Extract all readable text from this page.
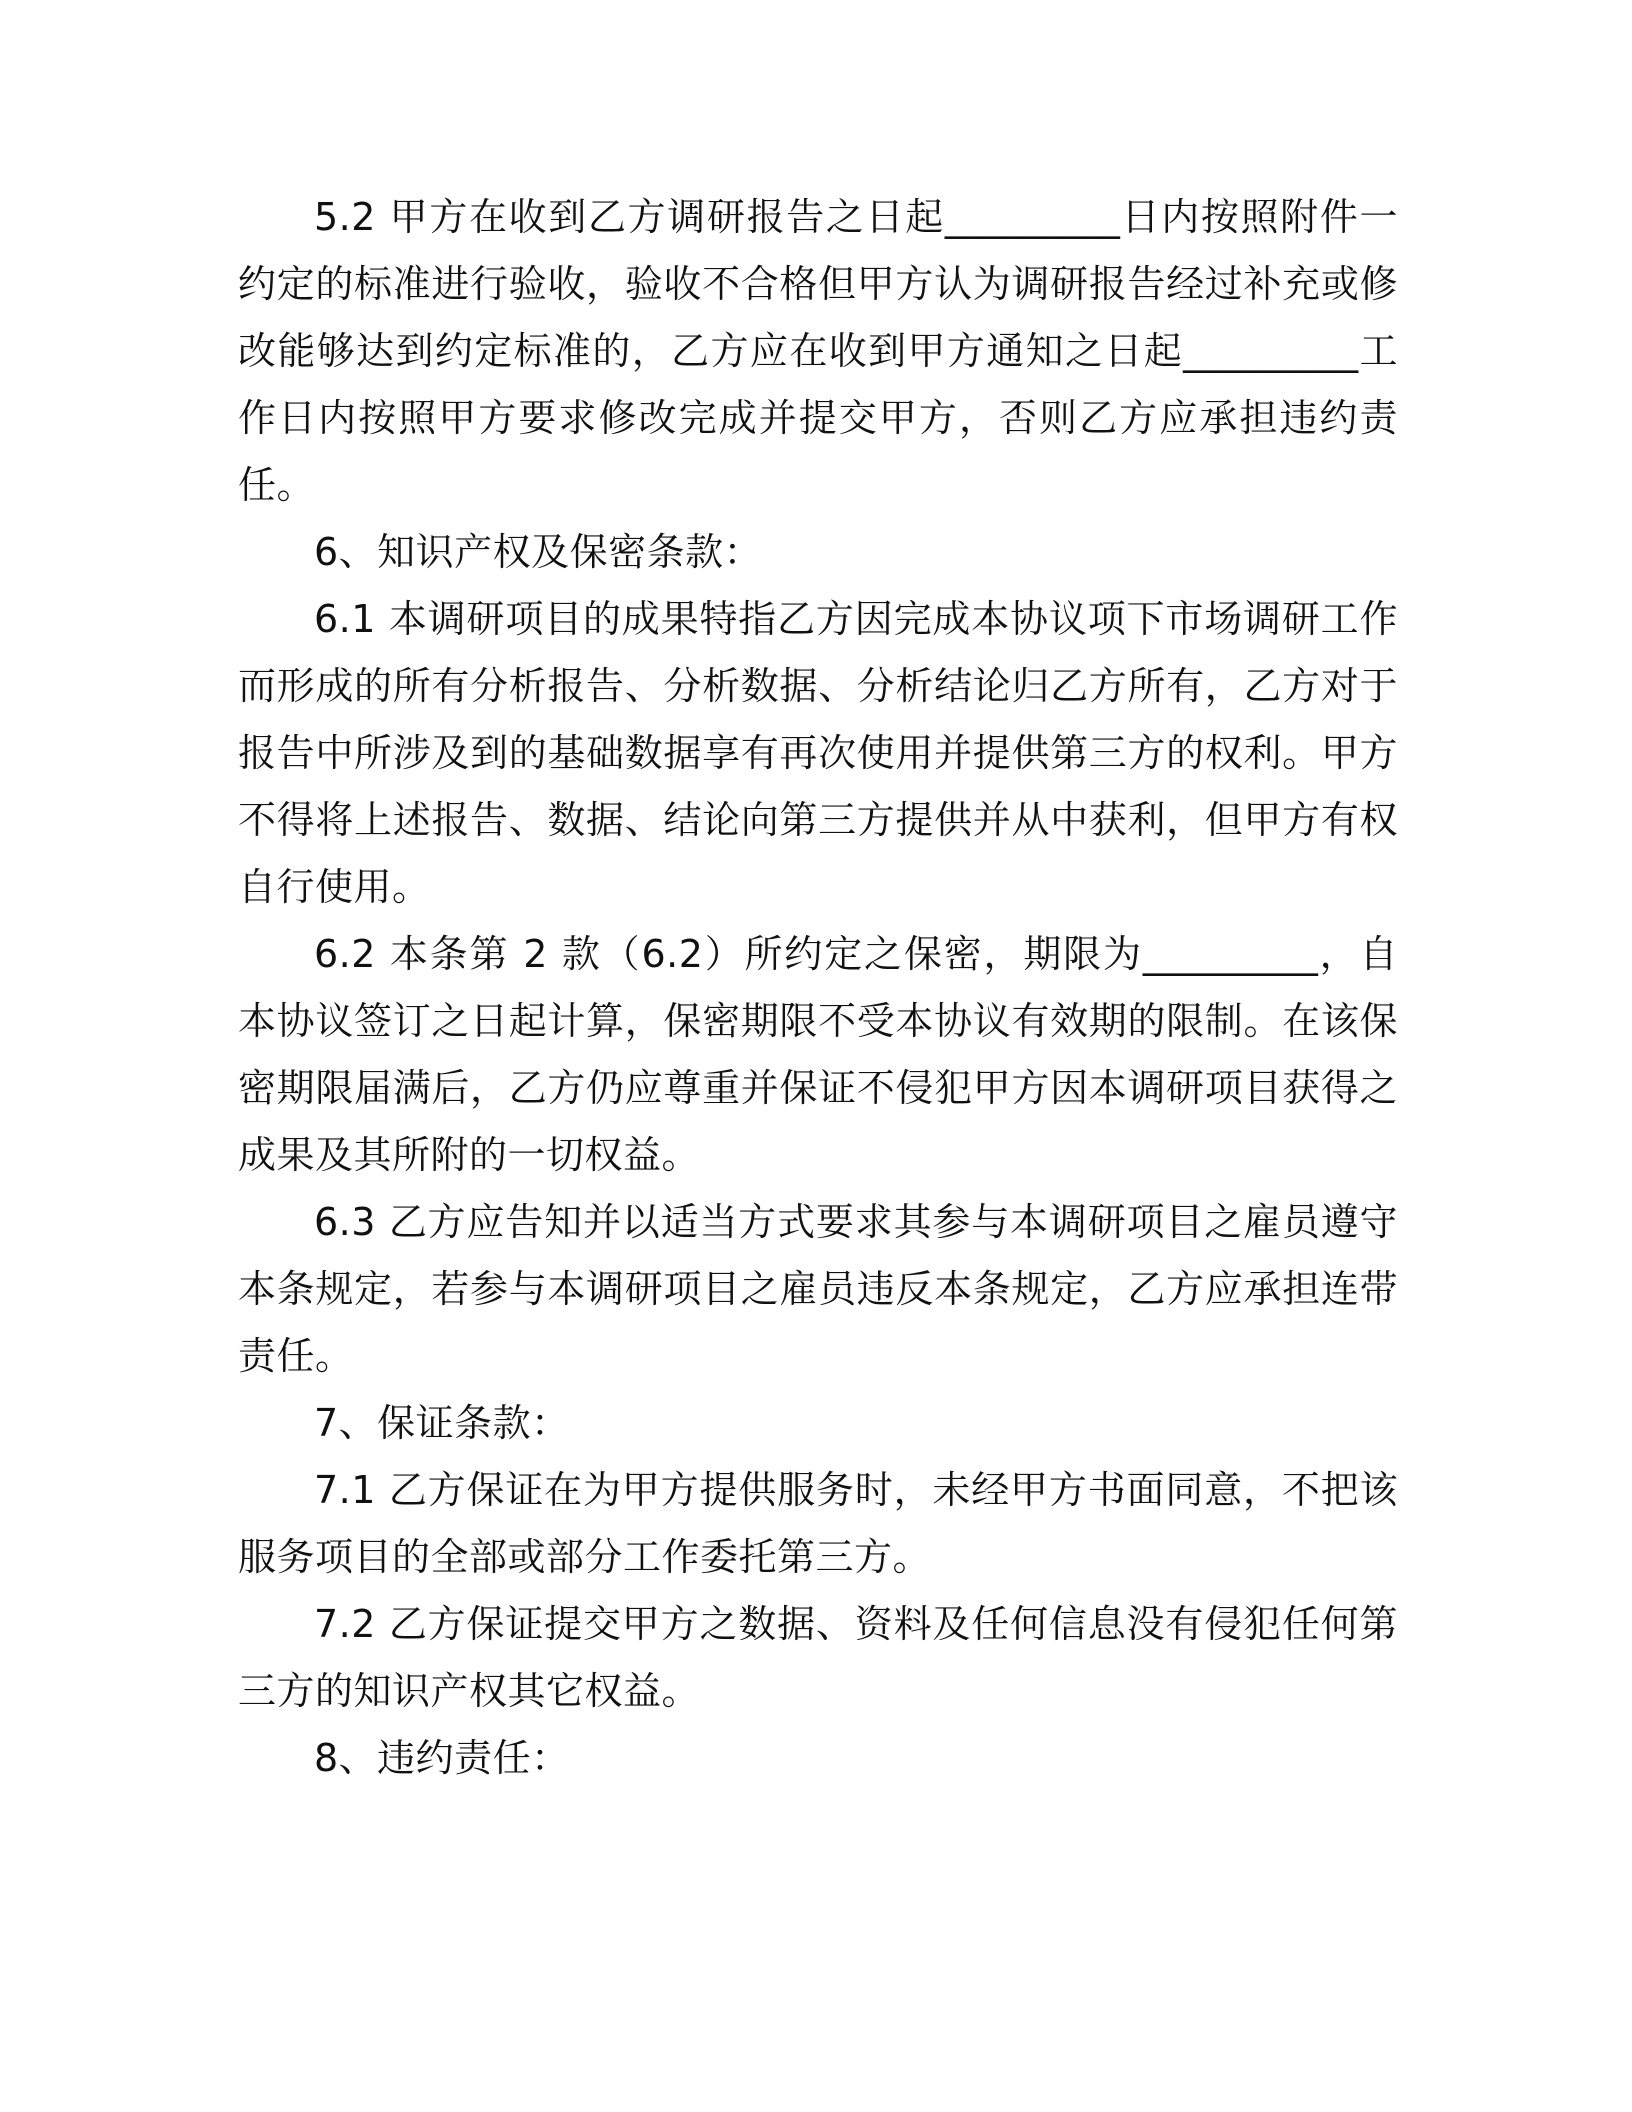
5.2 甲方在收到乙方调研报告之日起_________日内按照附件一约定的标准进行验收，验收不合格但甲方认为调研报告经过补充或修改能够达到约定标准的，乙方应在收到甲方通知之日起_________工作日内按照甲方要求修改完成并提交甲方，否则乙方应承担违约责任。

6、知识产权及保密条款：

6.1 本调研项目的成果特指乙方因完成本协议项下市场调研工作而形成的所有分析报告、分析数据、分析结论归乙方所有，乙方对于报告中所涉及到的基础数据享有再次使用并提供第三方的权利。甲方不得将上述报告、数据、结论向第三方提供并从中获利，但甲方有权自行使用。

6.2 本条第 2 款（6.2）所约定之保密，期限为_________，自本协议签订之日起计算，保密期限不受本协议有效期的限制。在该保密期限届满后，乙方仍应尊重并保证不侵犯甲方因本调研项目获得之成果及其所附的一切权益。

6.3 乙方应告知并以适当方式要求其参与本调研项目之雇员遵守本条规定，若参与本调研项目之雇员违反本条规定，乙方应承担连带责任。

7、保证条款：

7.1 乙方保证在为甲方提供服务时，未经甲方书面同意，不把该服务项目的全部或部分工作委托第三方。

7.2 乙方保证提交甲方之数据、资料及任何信息没有侵犯任何第三方的知识产权其它权益。

8、违约责任：
